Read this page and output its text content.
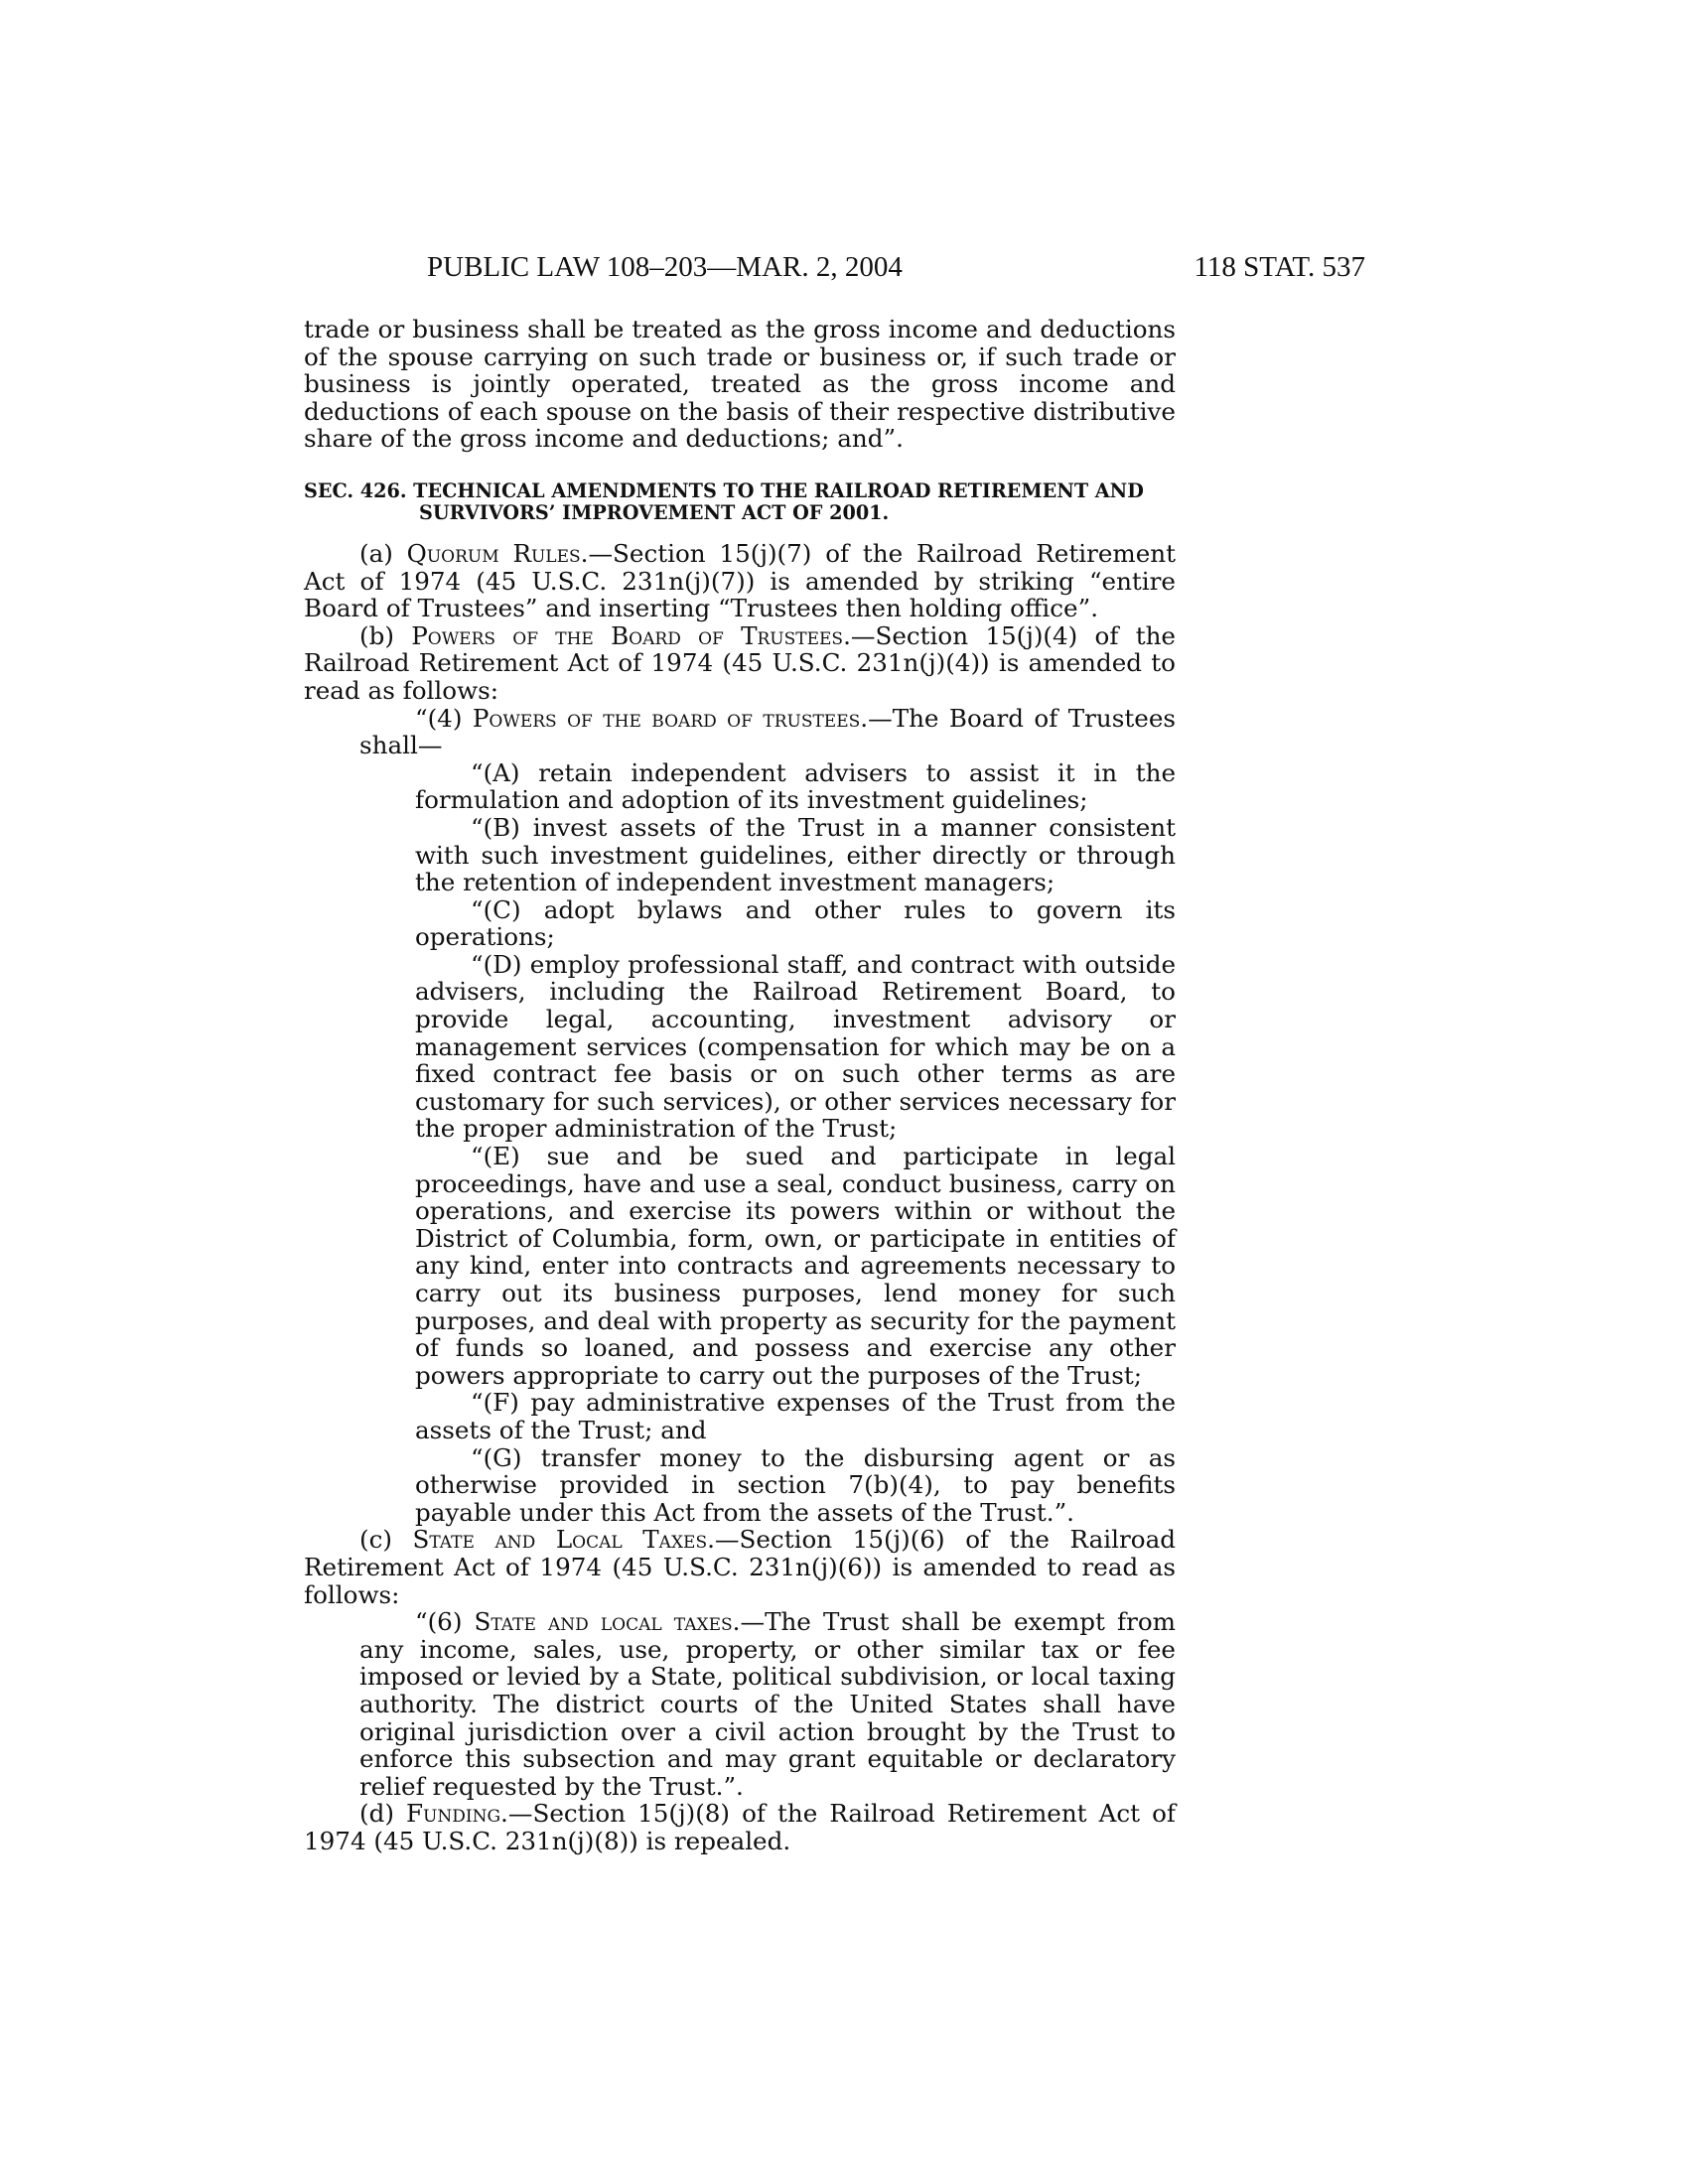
PUBLIC LAW 108–203—MAR. 2, 2004	118 STAT. 537

trade or business shall be treated as the gross income and deductions of the spouse carrying on such trade or business or, if such trade or business is jointly operated, treated as the gross income and deductions of each spouse on the basis of their respective distributive share of the gross income and deductions; and”.

SEC. 426. TECHNICAL AMENDMENTS TO THE RAILROAD RETIREMENT AND SURVIVORS’ IMPROVEMENT ACT OF 2001.

(a) Quorum Rules.—Section 15(j)(7) of the Railroad Retirement Act of 1974 (45 U.S.C. 231n(j)(7)) is amended by striking “entire Board of Trustees” and inserting “Trustees then holding office”.

(b) Powers of the Board of Trustees.—Section 15(j)(4) of the Railroad Retirement Act of 1974 (45 U.S.C. 231n(j)(4)) is amended to read as follows:

“(4) Powers of the board of trustees.—The Board of Trustees shall—

“(A) retain independent advisers to assist it in the formulation and adoption of its investment guidelines;

“(B) invest assets of the Trust in a manner consistent with such investment guidelines, either directly or through the retention of independent investment managers;

“(C) adopt bylaws and other rules to govern its operations;

“(D) employ professional staff, and contract with outside advisers, including the Railroad Retirement Board, to provide legal, accounting, investment advisory or management services (compensation for which may be on a fixed contract fee basis or on such other terms as are customary for such services), or other services necessary for the proper administration of the Trust;

“(E) sue and be sued and participate in legal proceedings, have and use a seal, conduct business, carry on operations, and exercise its powers within or without the District of Columbia, form, own, or participate in entities of any kind, enter into contracts and agreements necessary to carry out its business purposes, lend money for such purposes, and deal with property as security for the payment of funds so loaned, and possess and exercise any other powers appropriate to carry out the purposes of the Trust;

“(F) pay administrative expenses of the Trust from the assets of the Trust; and

“(G) transfer money to the disbursing agent or as otherwise provided in section 7(b)(4), to pay benefits payable under this Act from the assets of the Trust.”.

(c) State and Local Taxes.—Section 15(j)(6) of the Railroad Retirement Act of 1974 (45 U.S.C. 231n(j)(6)) is amended to read as follows:

“(6) State and local taxes.—The Trust shall be exempt from any income, sales, use, property, or other similar tax or fee imposed or levied by a State, political subdivision, or local taxing authority. The district courts of the United States shall have original jurisdiction over a civil action brought by the Trust to enforce this subsection and may grant equitable or declaratory relief requested by the Trust.”.

(d) Funding.—Section 15(j)(8) of the Railroad Retirement Act of 1974 (45 U.S.C. 231n(j)(8)) is repealed.
